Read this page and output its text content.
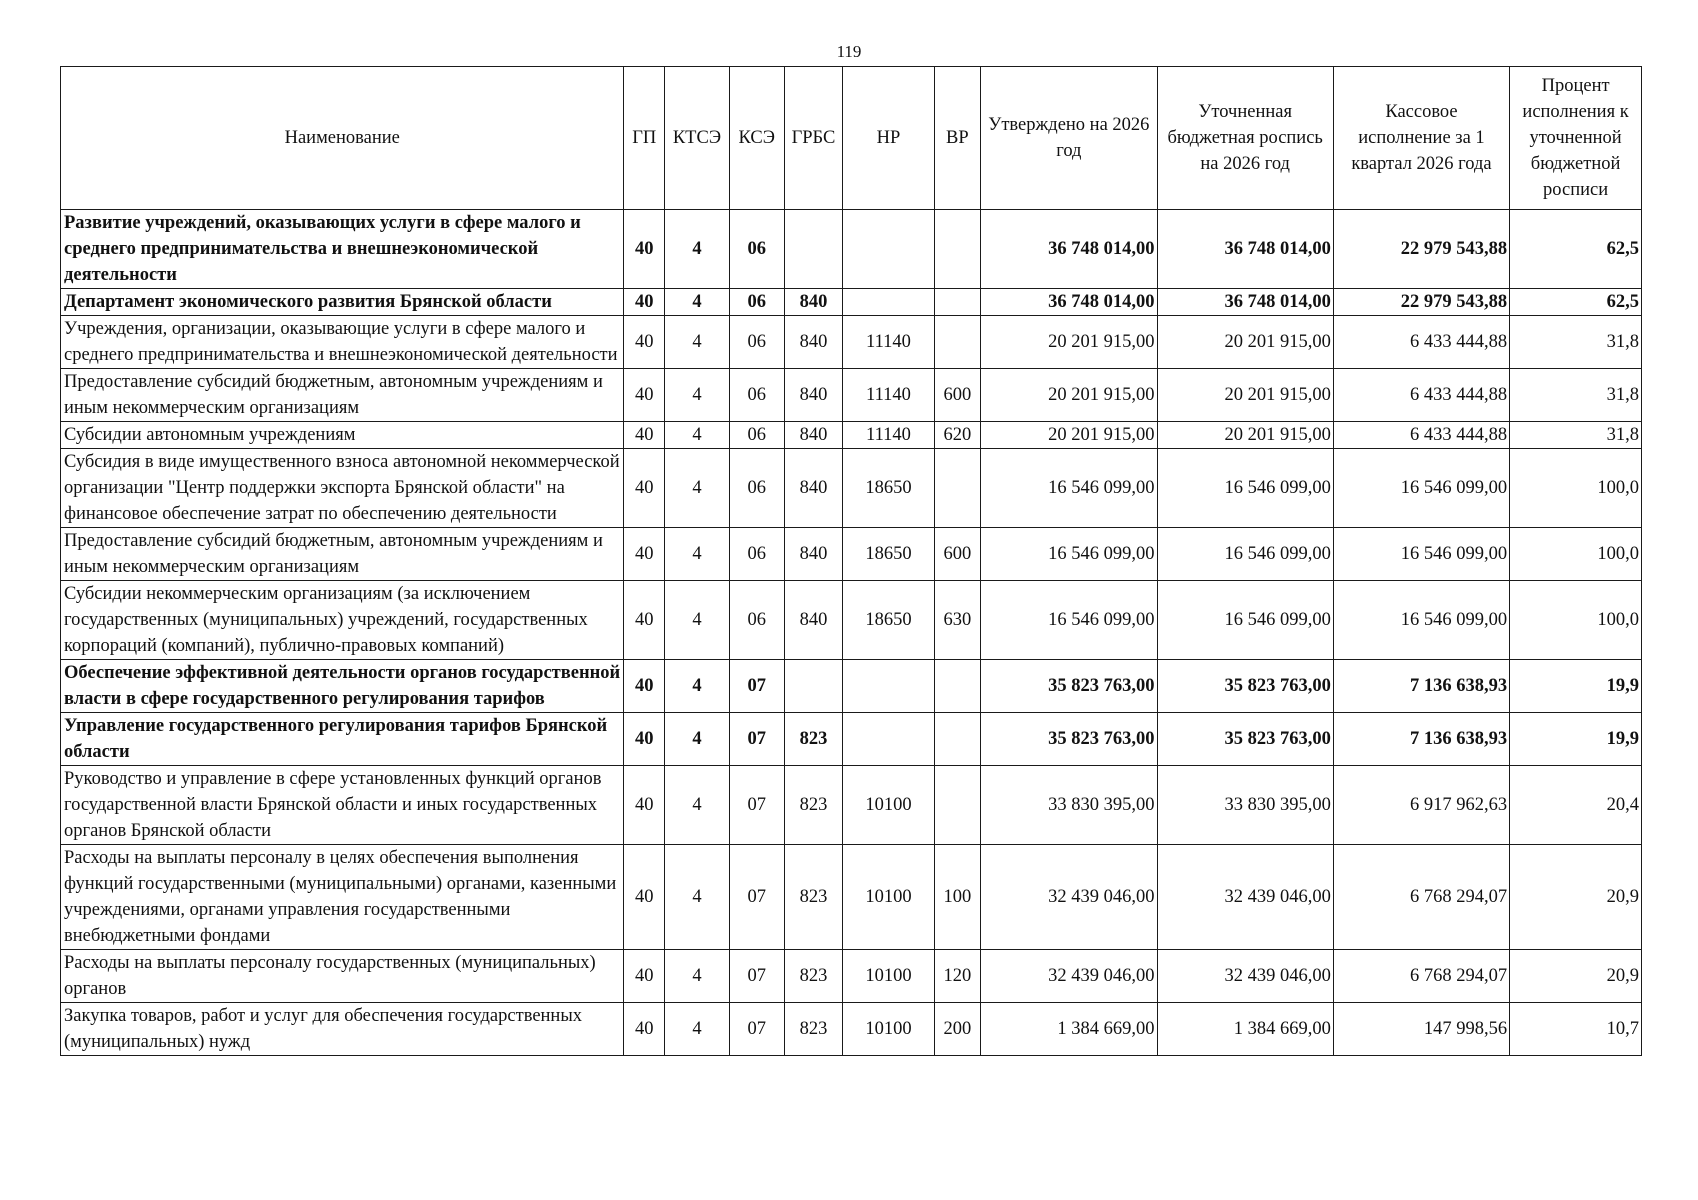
119
Наименование	ГП	КТСЭ	КСЭ	ГРБС	НР	ВР	Утверждено на 2026 год	Уточненная бюджетная роспись на 2026 год	Кассовое исполнение за 1 квартал 2026 года	Процент исполнения к уточненной бюджетной росписи
Развитие учреждений, оказывающих услуги в сфере малого и среднего предпринимательства и внешнеэкономической деятельности	40	4	06				36 748 014,00	36 748 014,00	22 979 543,88	62,5
Департамент экономического развития Брянской области	40	4	06	840			36 748 014,00	36 748 014,00	22 979 543,88	62,5
Учреждения, организации, оказывающие услуги в сфере малого и среднего предпринимательства и внешнеэкономической деятельности	40	4	06	840	11140		20 201 915,00	20 201 915,00	6 433 444,88	31,8
Предоставление субсидий бюджетным, автономным учреждениям и иным некоммерческим организациям	40	4	06	840	11140	600	20 201 915,00	20 201 915,00	6 433 444,88	31,8
Субсидии автономным учреждениям	40	4	06	840	11140	620	20 201 915,00	20 201 915,00	6 433 444,88	31,8
Субсидия в виде имущественного взноса автономной некоммерческой организации "Центр поддержки экспорта Брянской области" на финансовое обеспечение затрат по обеспечению деятельности	40	4	06	840	18650		16 546 099,00	16 546 099,00	16 546 099,00	100,0
Предоставление субсидий бюджетным, автономным учреждениям и иным некоммерческим организациям	40	4	06	840	18650	600	16 546 099,00	16 546 099,00	16 546 099,00	100,0
Субсидии некоммерческим организациям (за исключением государственных (муниципальных) учреждений, государственных корпораций (компаний), публично-правовых компаний)	40	4	06	840	18650	630	16 546 099,00	16 546 099,00	16 546 099,00	100,0
Обеспечение эффективной деятельности органов государственной власти в сфере государственного регулирования тарифов	40	4	07				35 823 763,00	35 823 763,00	7 136 638,93	19,9
Управление государственного регулирования тарифов Брянской области	40	4	07	823			35 823 763,00	35 823 763,00	7 136 638,93	19,9
Руководство и управление в сфере установленных функций органов государственной власти Брянской области и иных государственных органов Брянской области	40	4	07	823	10100		33 830 395,00	33 830 395,00	6 917 962,63	20,4
Расходы на выплаты персоналу в целях обеспечения выполнения функций государственными (муниципальными) органами, казенными учреждениями, органами управления государственными внебюджетными фондами	40	4	07	823	10100	100	32 439 046,00	32 439 046,00	6 768 294,07	20,9
Расходы на выплаты персоналу государственных (муниципальных) органов	40	4	07	823	10100	120	32 439 046,00	32 439 046,00	6 768 294,07	20,9
Закупка товаров, работ и услуг для обеспечения государственных (муниципальных) нужд	40	4	07	823	10100	200	1 384 669,00	1 384 669,00	147 998,56	10,7
